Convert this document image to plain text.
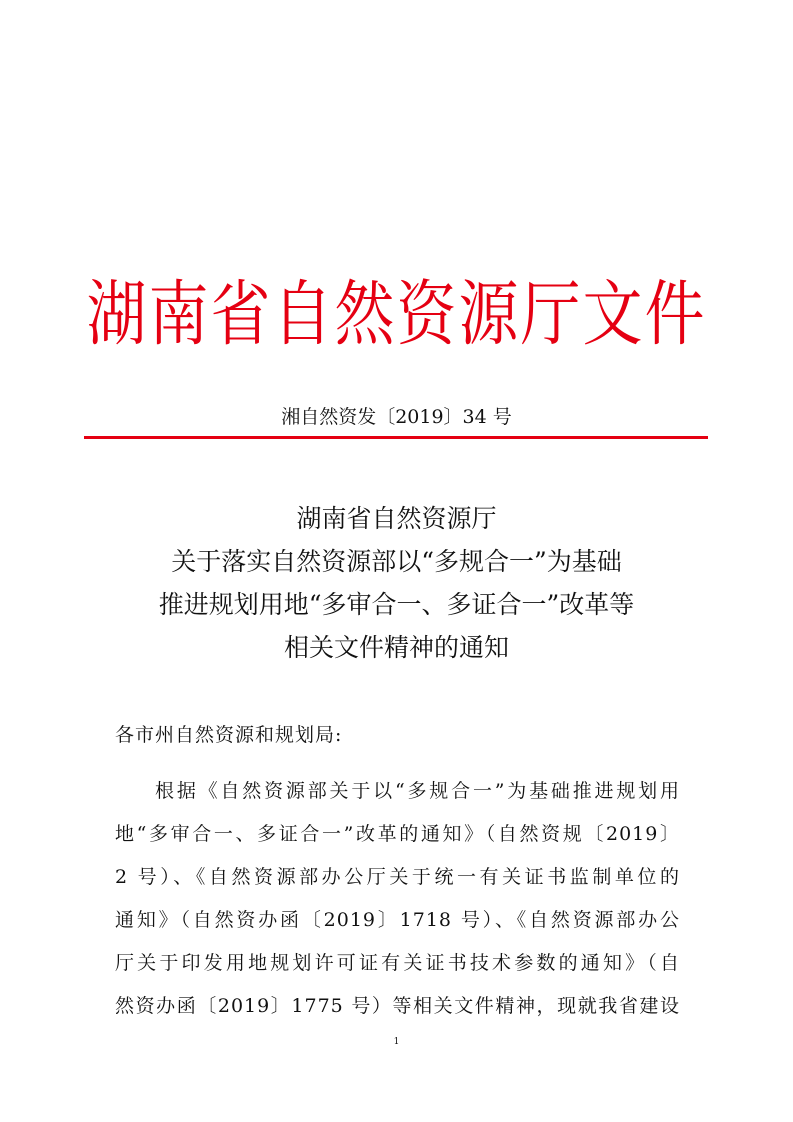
湖南省自然资源厅文件
湘自然资发〔2019〕34 号
湖南省自然资源厅
关于落实自然资源部以“多规合一”为基础
推进规划用地“多审合一、多证合一”改革等
相关文件精神的通知
各市州自然资源和规划局:
根据《自然资源部关于以“多规合一”为基础推进规划用
地“多审合一、多证合一”改革的通知》（自然资规〔2019〕
2 号）、《自然资源部办公厅关于统一有关证书监制单位的
通知》（自然资办函〔2019〕1718 号）、《自然资源部办公
厅关于印发用地规划许可证有关证书技术参数的通知》（自
然资办函〔2019〕1775 号）等相关文件精神，现就我省建设
1
